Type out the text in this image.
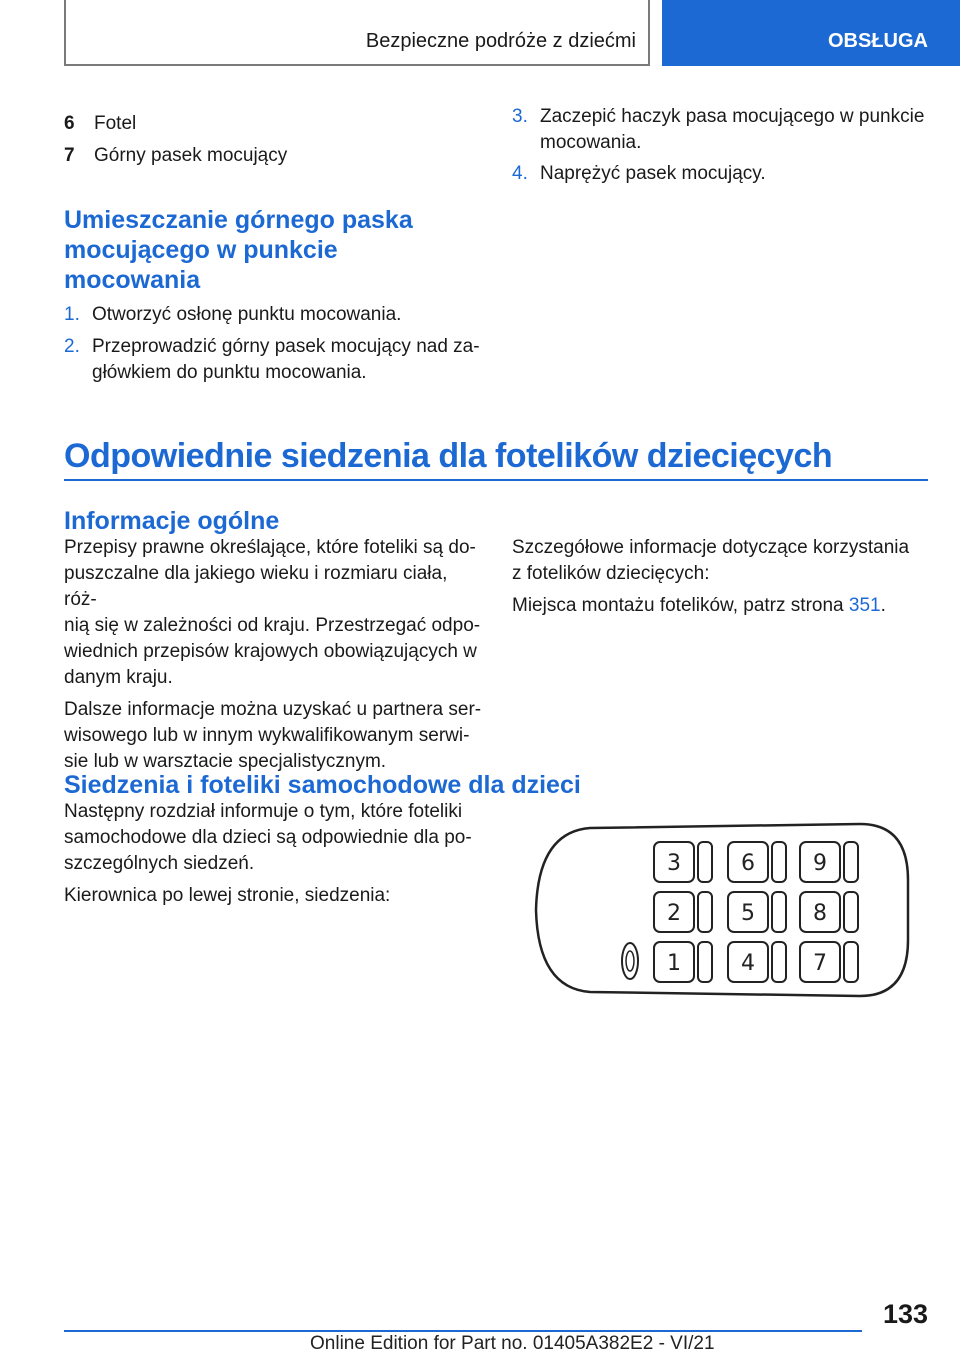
Bezpieczne podróże z dziećmi	OBSŁUGA
6	Fotel
7	Górny pasek mocujący
Umieszczanie górnego paska
mocującego w punkcie
mocowania
1. Otworzyć osłonę punktu mocowania.
2. Przeprowadzić górny pasek mocujący nad za-
główkiem do punktu mocowania.
3. Zaczepić haczyk pasa mocującego w punkcie
mocowania.
4. Naprężyć pasek mocujący.
Odpowiednie siedzenia dla fotelików dziecięcych
Informacje ogólne

Przepisy prawne określające, które foteliki są do-
puszczalne dla jakiego wieku i rozmiaru ciała, róż-
nią się w zależności od kraju. Przestrzegać odpo-
wiednich przepisów krajowych obowiązujących w
danym kraju.

Dalsze informacje można uzyskać u partnera ser-
wisowego lub w innym wykwalifikowanym serwi-
sie lub w warsztacie specjalistycznym.

Szczegółowe informacje dotyczące korzystania
z fotelików dziecięcych:

Miejsca montażu fotelików, patrz strona 351.

Siedzenia i foteliki samochodowe dla dzieci

Następny rozdział informuje o tym, które foteliki
samochodowe dla dzieci są odpowiednie dla po-
szczególnych siedzeń.

Kierownica po lewej stronie, siedzenia:

3	6	9
2	5	8
1	4	7
133
Online Edition for Part no. 01405A382E2 - VI/21
